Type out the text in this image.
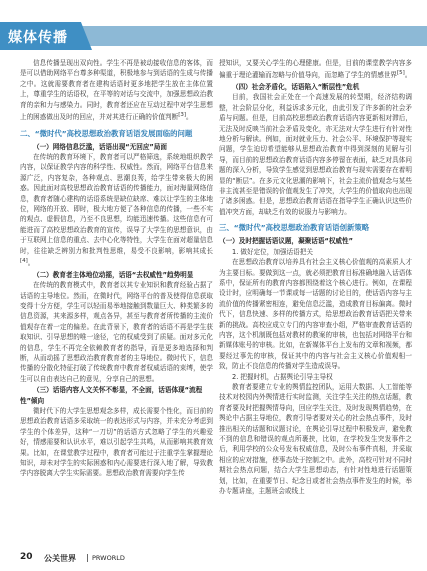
媒体传播

信息传播呈现出双向性。学生不再是被动接收信息的客体，而是可以借助网络平台尊多种渠道，积极地参与到话语的生成与传播之中。这就需要教育者在建构话语时更多地把学生放在主体位置上，尊重学生的话语权，在平等的对话与交流中，加强思想政治教育的亲和力与感染力。同时，教育者还应在互动过程中对学生思想上的困惑做出及时的回应，并对其进行正确的价值判断[3]。

二、“微时代”高校思想政治教育话语发展面临的问题
（一）网络信息泛滥，话语出现“无回应”局面

在传统的教育环境下，教育者可以严格筛选，系统地组织教学内容，以保证教学内容的科学性、权威性。然而，网络平台信息来源广泛，内容复杂，各种观点、思潮良莠，给学生带来极大的困惑。因此面对高校思想政治教育话语的传播能力，面对海量网络信息，教育者随心建构的话语系统是缺位缺席、难以让学生的主体地位，网络的开放、即时，极大地方便了各种信息的传播，一些不实的观点、虚假信息，乃至不良思想，均能迅速传播。这些信息有可能进而了高校思想政治教育的宣传，误导了大学生的思想意识，由于互联网上信息的重点、去中心化等特性，大学生在面对超量信息时，往往缺乏辨别力和批判性思维，易受不良影响，影响其成长[4]。

（二）教育者主体地位动摇，话语“去权威性”趋势明显

在传统的教育模式中，教育者以其专业知识和教育经验占据了话语的主导地位。然而，在微时代，网络平台的普及使得信息获取变得十分方便，学生可以轻而易举地接触到数量巨大、种类繁多的信息资源，其来源多样，观点各异，甚至与教育者所传播的主流价值观存在着一定的偏差。在此背景下，教育者的话语不再是学生获取知识、引导思想的唯一途径，它的权威受到了质疑。面对多元化的信息，学生不再完全依赖教育者的指导，而是更多地选择和判断，从而动摇了思想政治教育教育者的主导地位。微时代下，信息传播的分散化特征打破了传统教育中教育者权威话语的束缚，使学生可以自由表达自己的意见，分享自己的思想。

（三）话语内容人文关怀不彰显，不全面，话语体现“流程性”倾向

微时代下的大学生思想观念多样，成长需要个性化，而目前的思想政治教育话语多采取统一的表达形式与内容，并未充分考虑到学生的个体差异，这种“一刀切”的话语方式忽略了学生的兴趣爱好，情感需要和认识水平，难以引起学生共鸣，从而影响其教育效果。比如，在课堂教学过程中，教育者可能过于注重学生掌握理论知识，却未对学生的实际困惑和内心需要进行深入地了解，导致教学内容脱离大学生实际需要。思想政治教育需要向学生传

授知识，又要关心学生的心理健康。但是，目前的课堂教学内容多偏重于理论灌输而忽略与价值导向，而忽略了学生的情感世界[5]。

（四）社会矛盾化，话语陷入“断层性”危机

目前，我国社会正处在一个高速发展的转型期，经济结构调整，社会阶层分化，利益诉求多元化，由此引发了许多新的社会矛盾与问题。但是，目前高校思想政治教育话语内容更新相对滞后，无法及时反映当前社会矛盾及变化，亦无法对大学生进行有针对性地分析与解读。例如，面对就业压力、社会公平、环境保护等现实问题，学生迫切希望能够从思想政治教育中得到深刻的见解与引导，而目前的思想政治教育话语内容多停留在表面，缺乏对具体问题的深入分析，导致学生感觉到思想政治教育与现实需要存在着明显的“断层”。在多元文化思潮的影响下，社会主流价值观念与某些非主流甚至是错误的价值观发生了冲突，大学生的价值取向也出现了诸多困惑。但是，思想政治教育话语在指导学生正确认识这些价值冲突方面，却缺乏有效的说服力与影响力。

三、“微时代”高校思想政治教育话语创新策略
（一）及时把握话语议题，凝聚话语“权威性”

1. 做好定位，加强话语把关

在思想政治教育以培养具有社会主义核心价值观的高素质人才为主要目标。要做到这一点，就必须把教育目标准确地融入话语体系中，保证所有的教育内容都围绕着这个核心进行。例如，在课程设计时，应明确每一节课或每一话题的讨论目的，使话语内容与主流价值的传播紧密相连，避免信息泛滥，造成教育目标偏离。微时代下，信息快速、多样的传播方式，给思想政治教育话语把关带来新的挑战。高校应成立专门的内容审查小组，严格审查教育话语的内容，这个机制既包括对教材的教案的审核，也包括对网络平台和新媒体账号的审核。比如，在新媒体平台上发布的文章和视频，都要经过事先的审核，保证其中的内容与社会主义核心价值观相一致，防止不良信息的传播对学生造成误导。

2. 把握时机，占据舆论引导主导权

教育者要建立专业的舆情监控团队，运用大数据、人工智能等技术对校园内外舆情进行实时监测，关注学生关注的热点话题，教育者要及时把握舆情导向，回应学生关注，及时发现舆情趋势，在舆论中占据主导地位，教育引导者要对关心的社会热点事件，及时推出相关的话题和议题讨论，在舆论引导过程中积极发声，避免教不到的信息和错误的观点所裹挟，比如，在学校发生突发事件之后，利用学校的公众号发布权威信息，及时公布事件真相，并采取相应的应对措施，使事态处于控制之中。此外，高校可针对不同时期社会热点问题，结合大学生思想动态，有针对性地进行话题策划，比如，在重要节日、纪念日或者社会热点事件发生的时候，举办专题讲座，主题班会或线上

20 公关世界 | PRWORLD
